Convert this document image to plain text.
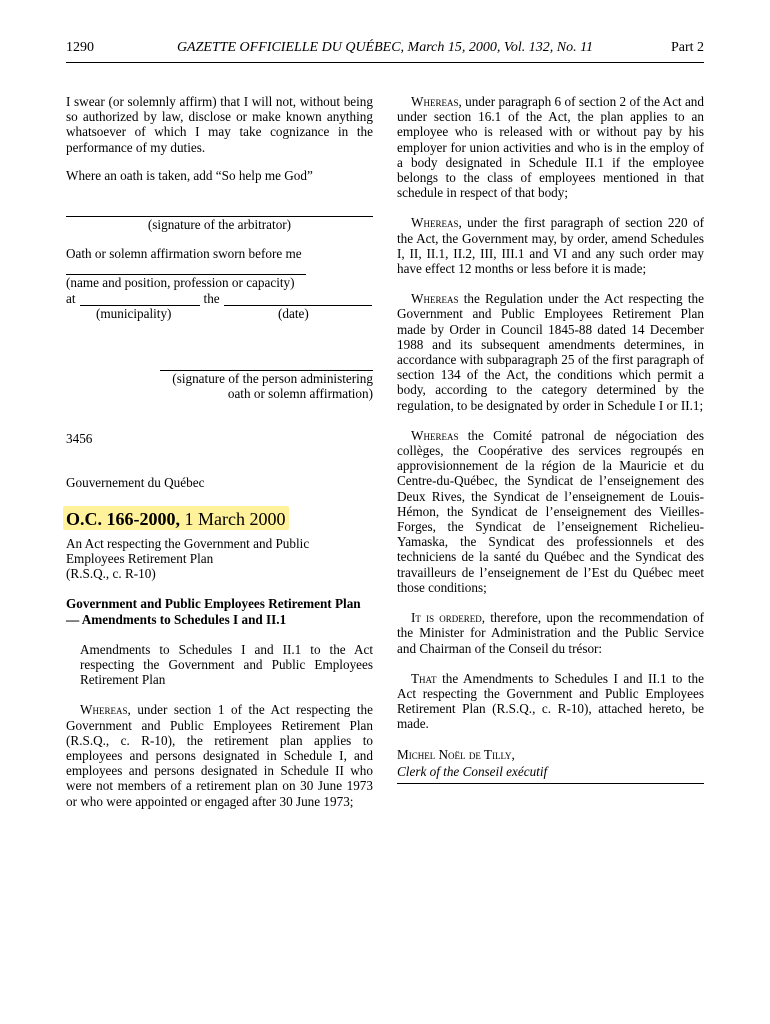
1290	GAZETTE OFFICIELLE DU QUÉBEC, March 15, 2000, Vol. 132, No. 11	Part 2

I swear (or solemnly affirm) that I will not, without being so authorized by law, disclose or make known anything whatsoever of which I may take cognizance in the performance of my duties.

Where an oath is taken, add “So help me God”

(signature of the arbitrator)

Oath or solemn affirmation sworn before me

(name and position, profession or capacity)

at	the
(municipality)	(date)
(signature of the person administering
oath or solemn affirmation)

3456

Gouvernement du Québec

O.C. 166-2000, 1 March 2000
An Act respecting the Government and Public
Employees Retirement Plan
(R.S.Q., c. R-10)

Government and Public Employees Retirement Plan — Amendments to Schedules I and II.1

Amendments to Schedules I and II.1 to the Act respecting the Government and Public Employees Retirement Plan

Whereas, under section 1 of the Act respecting the Government and Public Employees Retirement Plan (R.S.Q., c. R-10), the retirement plan applies to employees and persons designated in Schedule I, and employees and persons designated in Schedule II who were not members of a retirement plan on 30 June 1973 or who were appointed or engaged after 30 June 1973;

Whereas, under paragraph 6 of section 2 of the Act and under section 16.1 of the Act, the plan applies to an employee who is released with or without pay by his employer for union activities and who is in the employ of a body designated in Schedule II.1 if the employee belongs to the class of employees mentioned in that schedule in respect of that body;

Whereas, under the first paragraph of section 220 of the Act, the Government may, by order, amend Schedules I, II, II.1, II.2, III, III.1 and VI and any such order may have effect 12 months or less before it is made;

Whereas the Regulation under the Act respecting the Government and Public Employees Retirement Plan made by Order in Council 1845-88 dated 14 December 1988 and its subsequent amendments determines, in accordance with subparagraph 25 of the first paragraph of section 134 of the Act, the conditions which permit a body, according to the category determined by the regulation, to be designated by order in Schedule I or II.1;

Whereas the Comité patronal de négociation des collèges, the Coopérative des services regroupés en approvisionnement de la région de la Mauricie et du Centre-du-Québec, the Syndicat de l’enseignement des Deux Rives, the Syndicat de l’enseignement de Louis-Hémon, the Syndicat de l’enseignement des Vieilles-Forges, the Syndicat de l’enseignement Richelieu-Yamaska, the Syndicat des professionnels et des techniciens de la santé du Québec and the Syndicat des travailleurs de l’enseignement de l’Est du Québec meet those conditions;

It is ordered, therefore, upon the recommendation of the Minister for Administration and the Public Service and Chairman of the Conseil du trésor:

That the Amendments to Schedules I and II.1 to the Act respecting the Government and Public Employees Retirement Plan (R.S.Q., c. R-10), attached hereto, be made.

Michel Noël de Tilly,
Clerk of the Conseil exécutif
